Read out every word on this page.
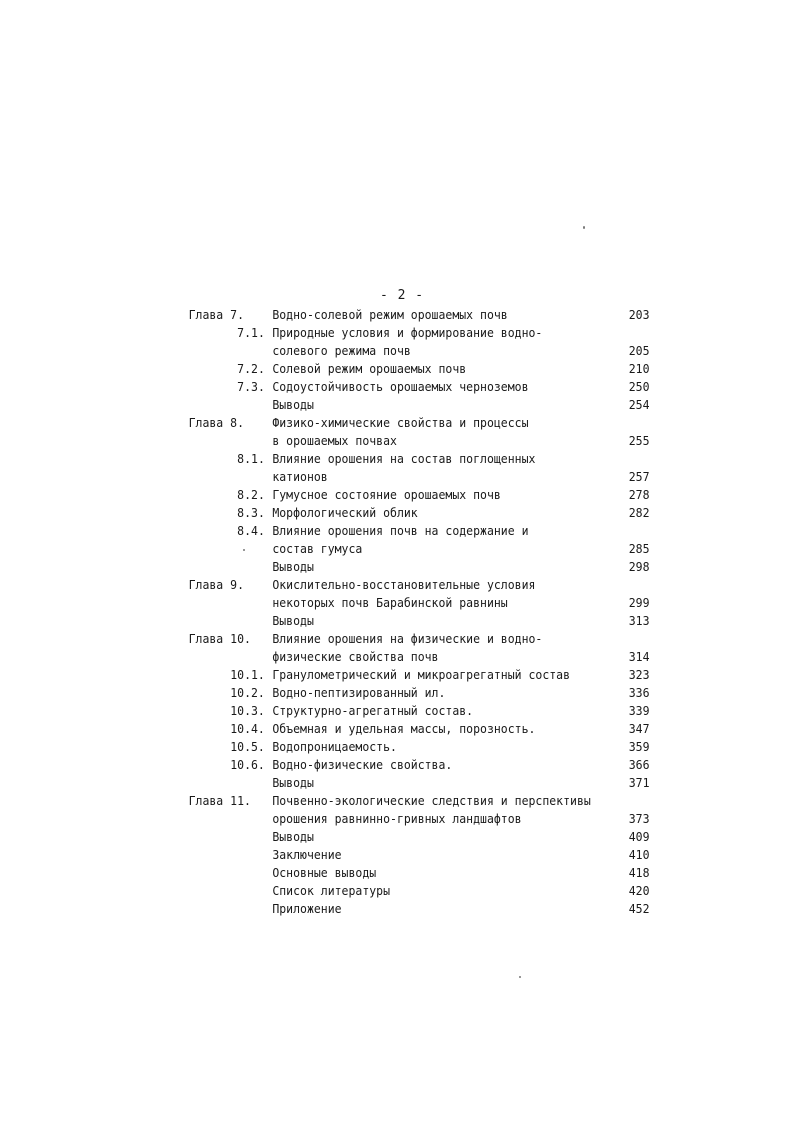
- 2 -
Глава 7. Водно-солевой режим орошаемых почв	203
7.1. Природные условия и формирование водно-
солевого режима почв	205
7.2. Солевой режим орошаемых почв	210
7.3. Содоустойчивость орошаемых черноземов	250
Выводы	254
Глава 8. Физико-химические свойства и процессы
в орошаемых почвах	255
8.1. Влияние орошения на состав поглощенных
катионов	257
8.2. Гумусное состояние орошаемых почв	278
8.3. Морфологический облик	282
8.4. Влияние орошения почв на содержание и
состав гумуса	285
Выводы	298
Глава 9. Окислительно-восстановительные условия
некоторых почв Барабинской равнины	299
Выводы	313
Глава 10. Влияние орошения на физические и водно-
физические свойства почв	314
10.1. Гранулометрический и микроагрегатный состав	323
10.2. Водно-пептизированный ил.	336
10.3. Структурно-агрегатный состав.	339
10.4. Объемная и удельная массы, порозность.	347
10.5. Водопроницаемость.	359
10.6. Водно-физические свойства.	366
Выводы	371
Глава 11. Почвенно-экологические следствия и перспективы
орошения равнинно-гривных ландшафтов	373
Выводы	409
Заключение	410
Основные выводы	418
Список литературы	420
Приложение	452
